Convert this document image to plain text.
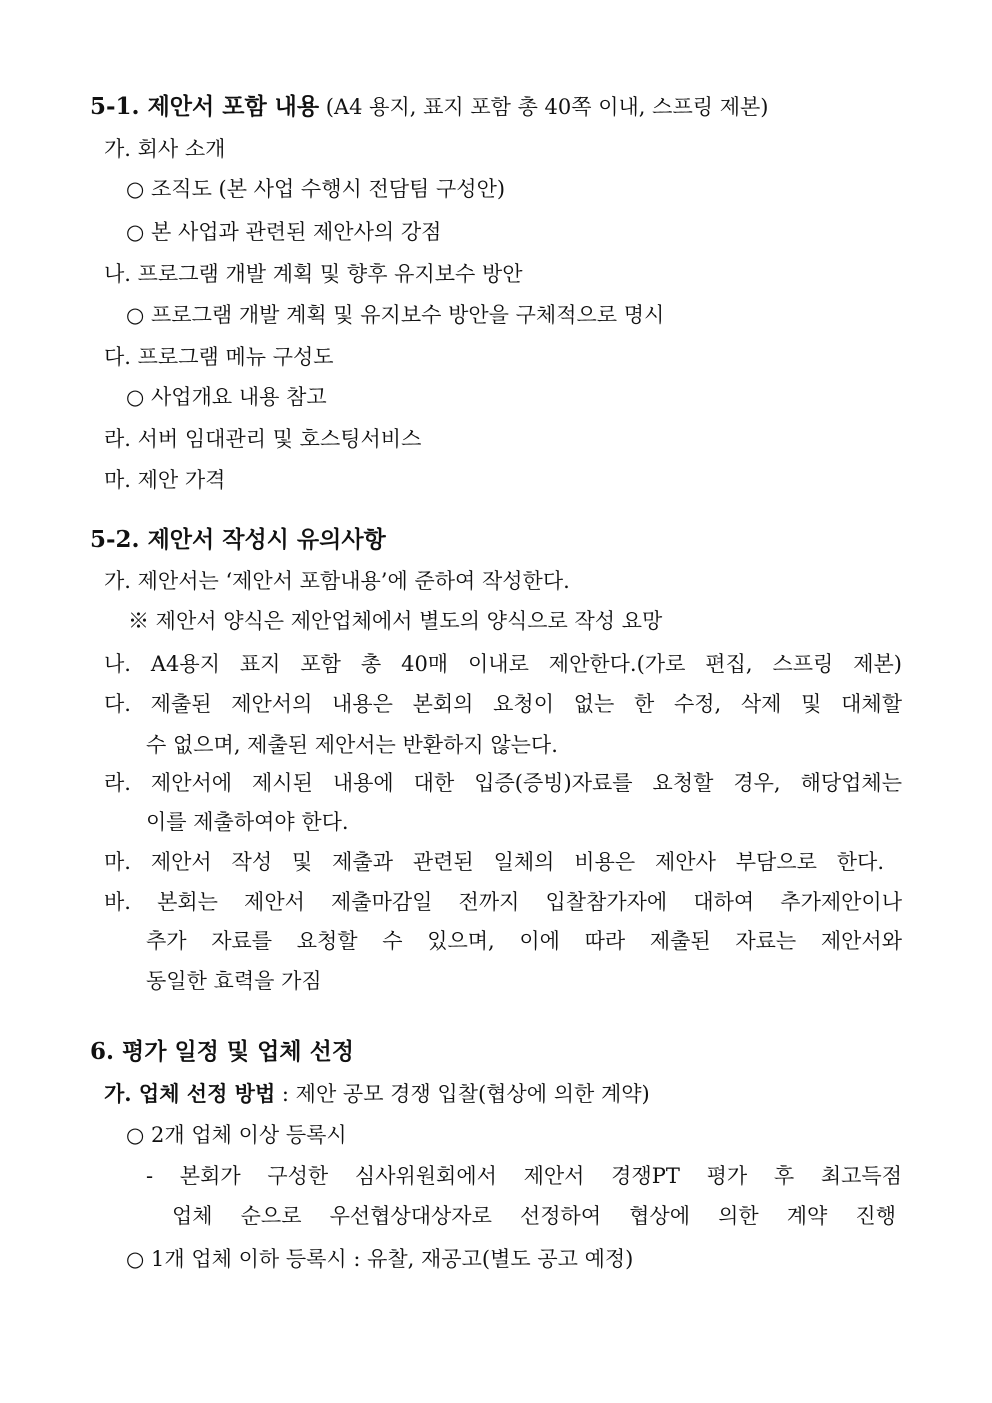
5-1. 제안서 포함 내용 (A4 용지, 표지 포함 총 40쪽 이내, 스프링 제본)
가. 회사 소개
○ 조직도 (본 사업 수행시 전담팀 구성안)
○ 본 사업과 관련된 제안사의 강점
나. 프로그램 개발 계획 및 향후 유지보수 방안
○ 프로그램 개발 계획 및 유지보수 방안을 구체적으로 명시
다. 프로그램 메뉴 구성도
○ 사업개요 내용 참고
라. 서버 임대관리 및 호스팅서비스
마. 제안 가격
5-2. 제안서 작성시 유의사항
가. 제안서는 ‘제안서 포함내용’에 준하여 작성한다.
※ 제안서 양식은 제안업체에서 별도의 양식으로 작성 요망
나. A4용지 표지 포함 총 40매 이내로 제안한다.(가로 편집, 스프링 제본)
다. 제출된 제안서의 내용은 본회의 요청이 없는 한 수정, 삭제 및 대체할
수 없으며, 제출된 제안서는 반환하지 않는다.
라. 제안서에 제시된 내용에 대한 입증(증빙)자료를 요청할 경우, 해당업체는
이를 제출하여야 한다.
마. 제안서 작성 및 제출과 관련된 일체의 비용은 제안사 부담으로 한다.
바. 본회는 제안서 제출마감일 전까지 입찰참가자에 대하여 추가제안이나
추가 자료를 요청할 수 있으며, 이에 따라 제출된 자료는 제안서와
동일한 효력을 가짐
6. 평가 일정 및 업체 선정
가. 업체 선정 방법 : 제안 공모 경쟁 입찰(협상에 의한 계약)
○ 2개 업체 이상 등록시
- 본회가 구성한 심사위원회에서 제안서 경쟁PT 평가 후 최고득점
업체 순으로 우선협상대상자로 선정하여 협상에 의한 계약 진행
○ 1개 업체 이하 등록시 : 유찰, 재공고(별도 공고 예정)
